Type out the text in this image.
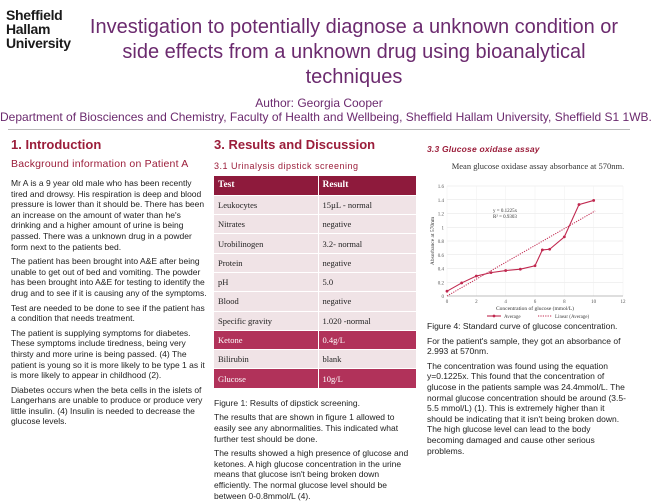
Sheffield
Hallam
University
Investigation to potentially diagnose a unknown condition or side effects from a unknown drug using bioanalytical techniques
Author: Georgia Cooper
Department of Biosciences and Chemistry, Faculty of Health and Wellbeing, Sheffield Hallam University, Sheffield S1 1WB.
1. Introduction
Background information on Patient A

Mr A is a 9 year old male who has been recently tired and drowsy. His respiration is deep and blood pressure is lower than it should be. There has been an increase on the amount of water than he's drinking and a higher amount of urine is being passed. There was a unknown drug in a powder form next to the patients bed.

The patient has been brought into A&E after being unable to get out of bed and vomiting. The powder has been brought into A&E for testing to identify the drug and to see if it is causing any of the symptoms.

Test are needed to be done to see if the patient has a condition that needs treatment.

The patient is supplying symptoms for diabetes. These symptoms include tiredness, being very thirsty and more urine is being passed. (4) The patient is young so it is more likely to be type 1 as it is more likely to appear in childhood (2).

Diabetes occurs when the beta cells in the islets of Langerhans are unable to produce or produce very little insulin. (4) Insulin is needed to decrease the glucose levels.

3. Results and Discussion
3.1 Urinalysis dipstick screening
Test	Result
Leukocytes	15µL - normal
Nitrates	negative
Urobilinogen	3.2- normal
Protein	negative
pH	5.0
Blood	negative
Specific gravity	1.020 -normal
Ketone	0.4g/L
Bilirubin	blank
Glucose	10g/L

Figure 1: Results of dipstick screening.

The results that are shown in figure 1 allowed to easily see any abnormalities. This indicated what further test should be done.

The results showed a high presence of glucose and ketones. A high glucose concentration in the urine means that glucose isn't being broken down efficiently. The normal glucose level should be between 0-0.8mmol/L (4).

3.3 Glucose oxidase assay
Mean glucose oxidase assay absorbance at 570nm.
0
0.2
0.4
0.6
0.8
1
1.2
1.4
1.6
0	2	4	6	8	10	12
Concentration of glucose (mmol/L)
Absorbance at 570nm
y = 0.1225x
R² = 0.9303
Average	Linear (Average)

Figure 4: Standard curve of glucose concentration.

For the patient's sample, they got an absorbance of 2.993 at 570nm.

The concentration was found using the equation y=0.1225x. This found that the concentration of glucose in the patients sample was 24.4mmol/L. The normal glucose concentration should be around (3.5-5.5 mmol/L) (1). This is extremely higher than it should be indicating that it isn't being broken down. The high glucose level can lead to the body becoming damaged and cause other serious problems.
